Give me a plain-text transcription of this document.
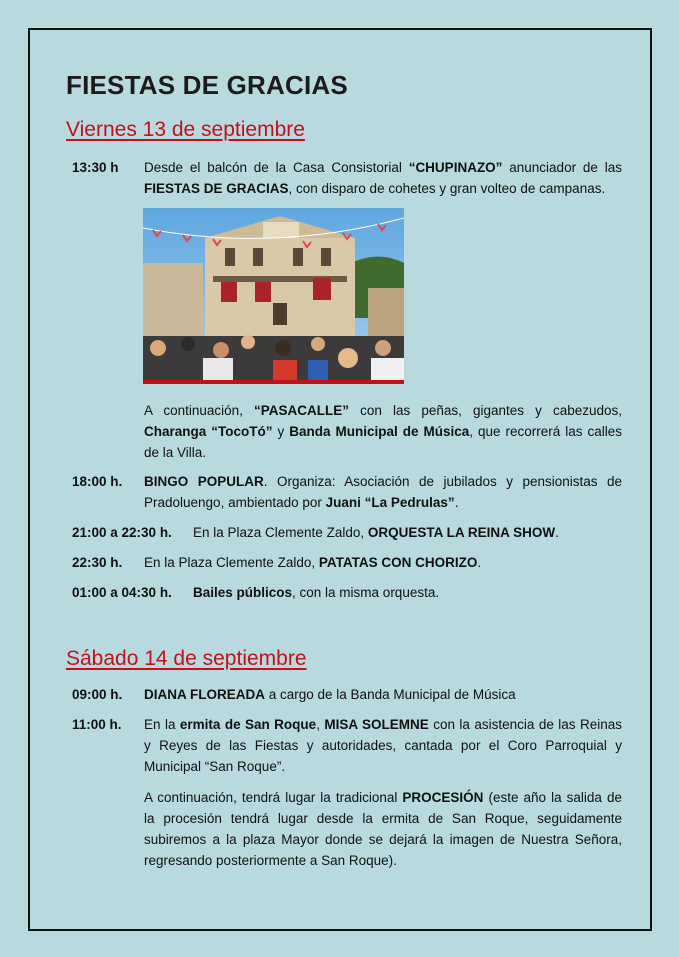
FIESTAS DE GRACIAS
Viernes 13 de septiembre
13:30 h Desde el balcón de la Casa Consistorial “CHUPINAZO” anunciador de las FIESTAS DE GRACIAS, con disparo de cohetes y gran volteo de campanas.
A continuación, “PASACALLE” con las peñas, gigantes y cabezudos, Charanga “TocoTó” y Banda Municipal de Música, que recorrerá las calles de la Villa.
18:00 h. BINGO POPULAR. Organiza: Asociación de jubilados y pensionistas de Pradoluengo, ambientado por Juani “La Pedrulas”.
21:00 a 22:30 h. En la Plaza Clemente Zaldo, ORQUESTA LA REINA SHOW.
22:30 h. En la Plaza Clemente Zaldo, PATATAS CON CHORIZO.
01:00 a 04:30 h. Bailes públicos, con la misma orquesta.
Sábado 14 de septiembre
09:00 h. DIANA FLOREADA a cargo de la Banda Municipal de Música
11:00 h. En la ermita de San Roque, MISA SOLEMNE con la asistencia de las Reinas y Reyes de las Fiestas y autoridades, cantada por el Coro Parroquial y Municipal “San Roque”.
A continuación, tendrá lugar la tradicional PROCESIÓN (este año la salida de la procesión tendrá lugar desde la ermita de San Roque, seguidamente subiremos a la plaza Mayor donde se dejará la imagen de Nuestra Señora, regresando posteriormente a San Roque).
